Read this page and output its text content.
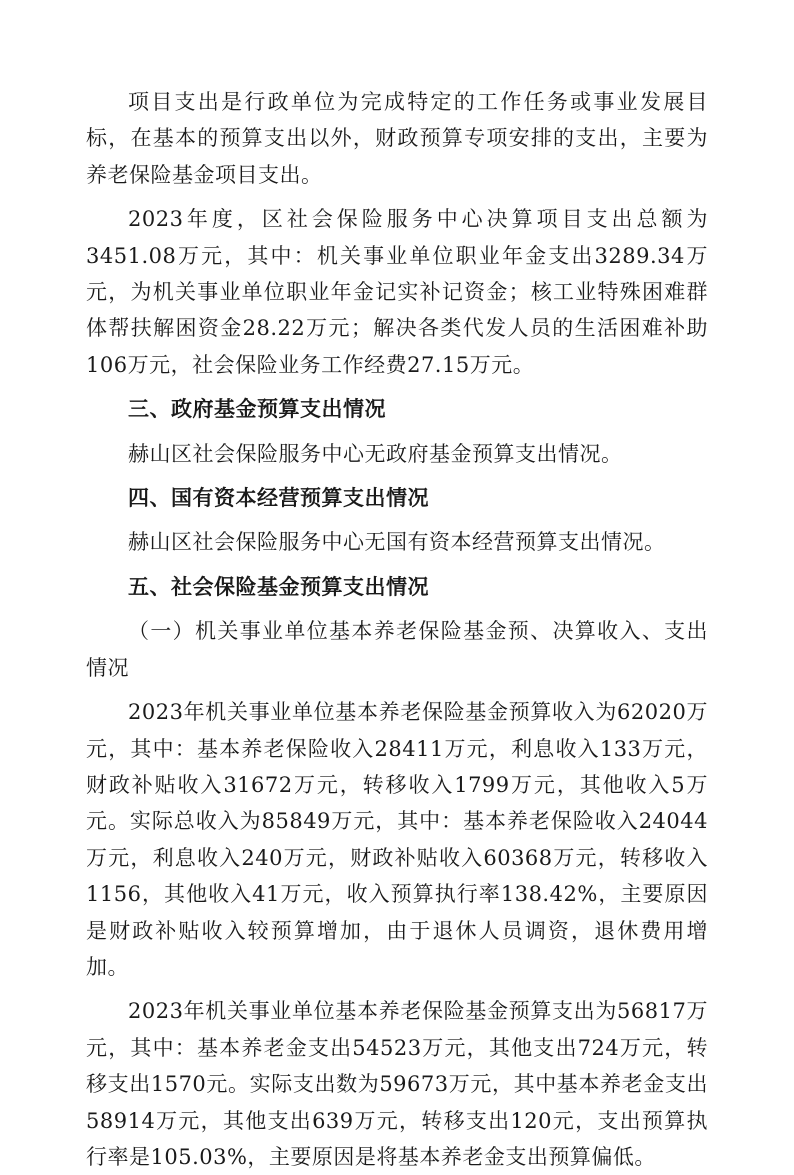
项目支出是行政单位为完成特定的工作任务或事业发展目标，在基本的预算支出以外，财政预算专项安排的支出，主要为养老保险基金项目支出。

2023年度，区社会保险服务中心决算项目支出总额为3451.08万元，其中：机关事业单位职业年金支出3289.34万元，为机关事业单位职业年金记实补记资金；核工业特殊困难群体帮扶解困资金28.22万元；解决各类代发人员的生活困难补助106万元，社会保险业务工作经费27.15万元。

三、政府基金预算支出情况

赫山区社会保险服务中心无政府基金预算支出情况。

四、国有资本经营预算支出情况

赫山区社会保险服务中心无国有资本经营预算支出情况。

五、社会保险基金预算支出情况

（一）机关事业单位基本养老保险基金预、决算收入、支出情况

2023年机关事业单位基本养老保险基金预算收入为62020万元，其中：基本养老保险收入28411万元，利息收入133万元，财政补贴收入31672万元，转移收入1799万元，其他收入5万元。实际总收入为85849万元，其中：基本养老保险收入24044万元，利息收入240万元，财政补贴收入60368万元，转移收入1156，其他收入41万元，收入预算执行率138.42%，主要原因是财政补贴收入较预算增加，由于退休人员调资，退休费用增加。

2023年机关事业单位基本养老保险基金预算支出为56817万元，其中：基本养老金支出54523万元，其他支出724万元，转移支出1570元。实际支出数为59673万元，其中基本养老金支出58914万元，其他支出639万元，转移支出120元，支出预算执行率是105.03%，主要原因是将基本养老金支出预算偏低。
